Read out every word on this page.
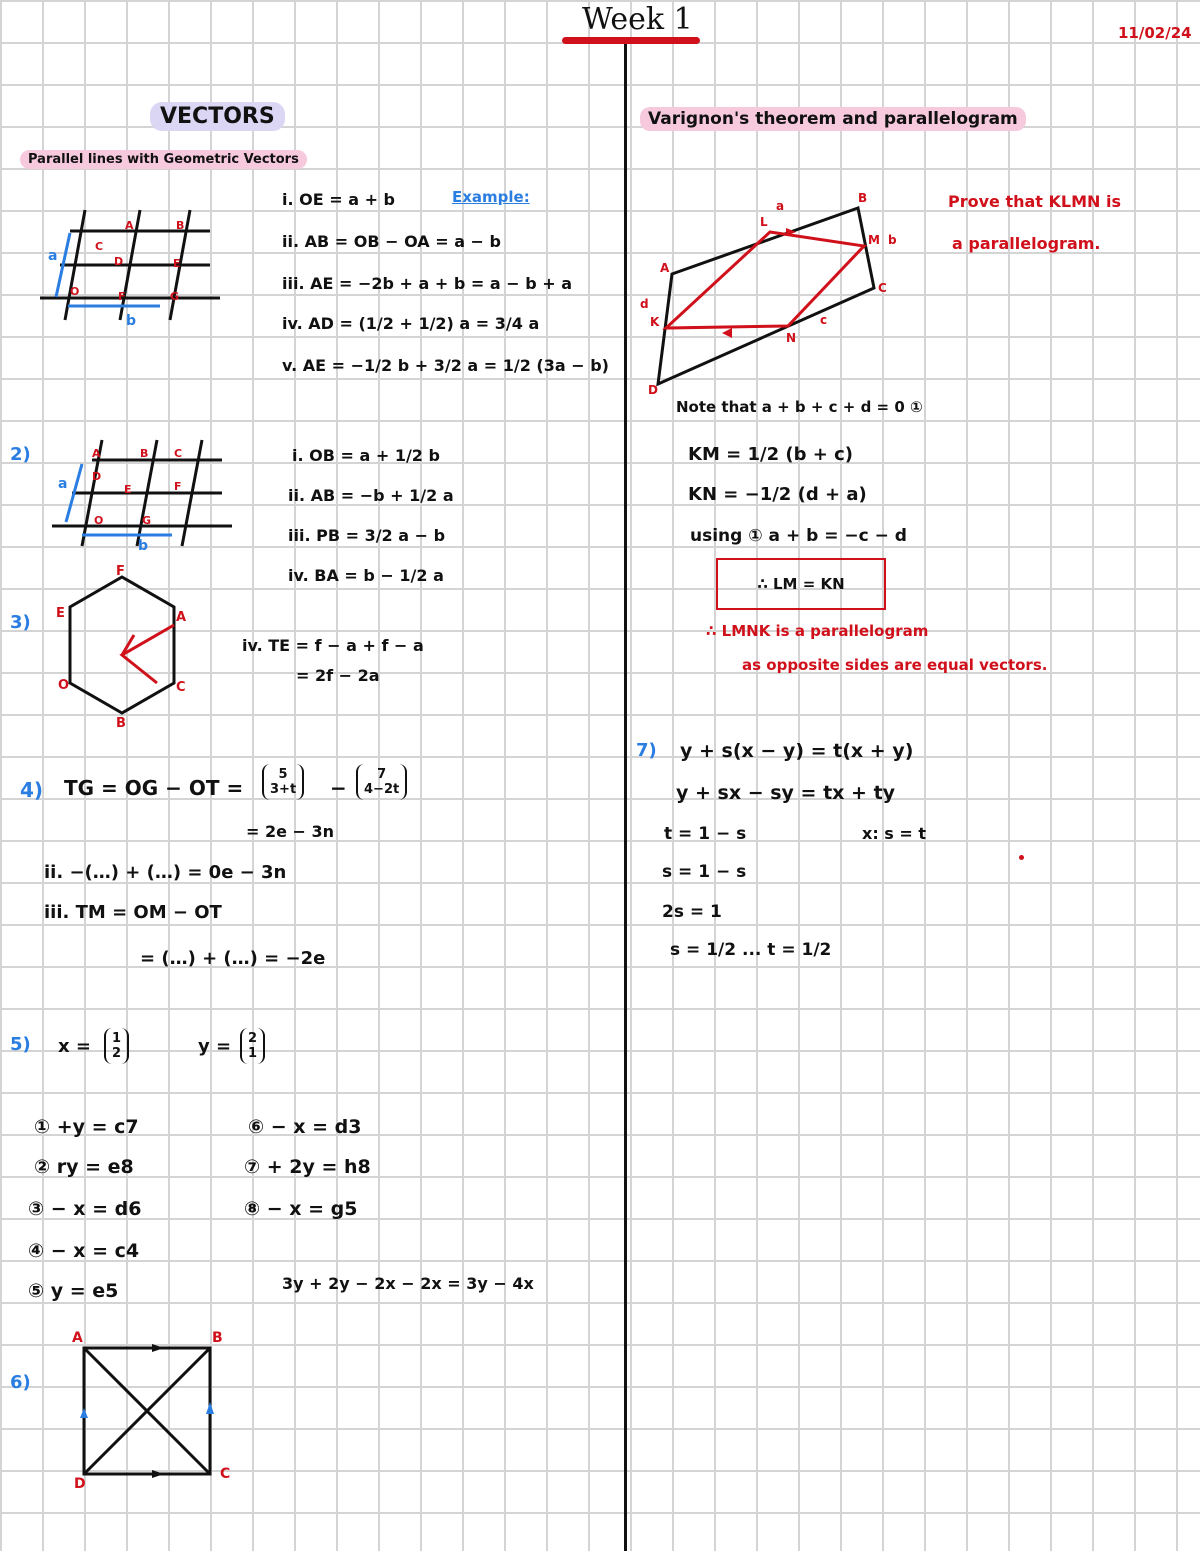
Week 1	11/02/24
VECTORS
Parallel lines with Geometric Vectors
Example:
O
A	B
C
D	E
F	G
a
b
i. OE = a + b
ii. AB = OB − OA = a − b
iii. AE = −2b + a + b = a − b + a
iv. AD = (1/2 + 1/2) a = 3/4 a
v. AE = −1/2 b + 3/2 a = 1/2 (3a − b)
2)	A	B C
D
E	F
O	G
a
b
i. OB = a + 1/2 b
ii. AB = −b + 1/2 a
iii. PB = 3/2 a − b
iv. BA = b − 1/2 a
3)
F
A
C
B
O
E
iv. TE = f − a + f − a
= 2f − 2a
4) TG = OG − OT =
5
3+t −
7
4−2t
= 2e − 3n
ii. −(…) + (…) = 0e − 3n
iii. TM = OM − OT
= (…) + (…) = −2e
5) x = 1
2	y = 2
1
① +y = c7
② ry = e8
③ − x = d6
④ − x = c4
⑤ y = e5
⑥ − x = d3
⑦ + 2y = h8
⑧ − x = g5
3y + 2y − 2x − 2x = 3y − 4x
6)
A	B
C
D
Varignon's theorem and parallelogram
A
B
C
D
L
M
N
K
a
b
c
d
Prove that KLMN is
a parallelogram.
Note that a + b + c + d = 0 ①
KM = 1/2 (b + c)
KN = −1/2 (d + a)
using ① a + b = −c − d
∴ LM = KN
∴ LMNK is a parallelogram
as opposite sides are equal vectors.
7) y + s(x − y) = t(x + y)
y + sx − sy = tx + ty
t = 1 − s	x: s = t
s = 1 − s
2s = 1
s = 1/2 ... t = 1/2
